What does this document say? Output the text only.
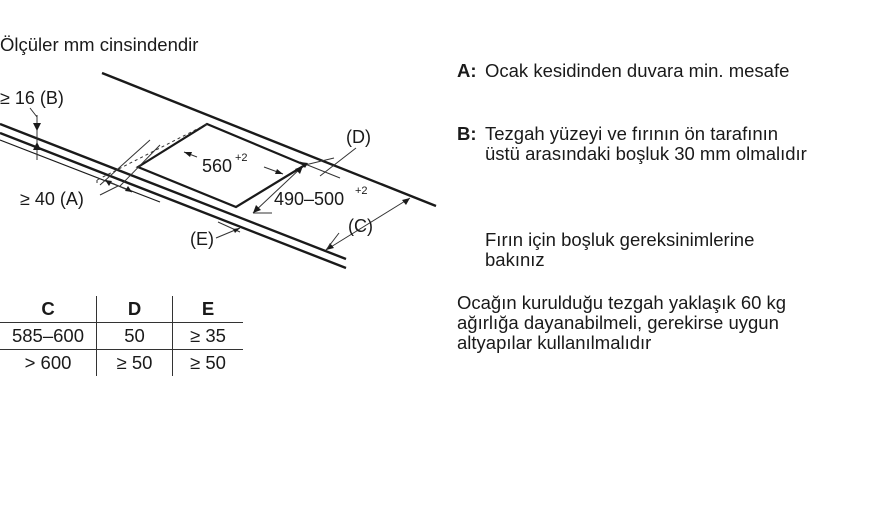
Ölçüler mm cinsindendir
≥ 16 (B)
≥ 40 (A)
560 +2
490–500 +2
(D)
(C)
(E)
C	D	E
585–600	50	≥ 35
> 600	≥ 50	≥ 50
A: Ocak kesidinden duvara min. mesafe
B: Tezgah yüzeyi ve fırının ön tarafının
üstü arasındaki boşluk 30 mm olmalıdır
Fırın için boşluk gereksinimlerine
bakınız
Ocağın kurulduğu tezgah yaklaşık 60 kg
ağırlığa dayanabilmeli, gerekirse uygun
altyapılar kullanılmalıdır
